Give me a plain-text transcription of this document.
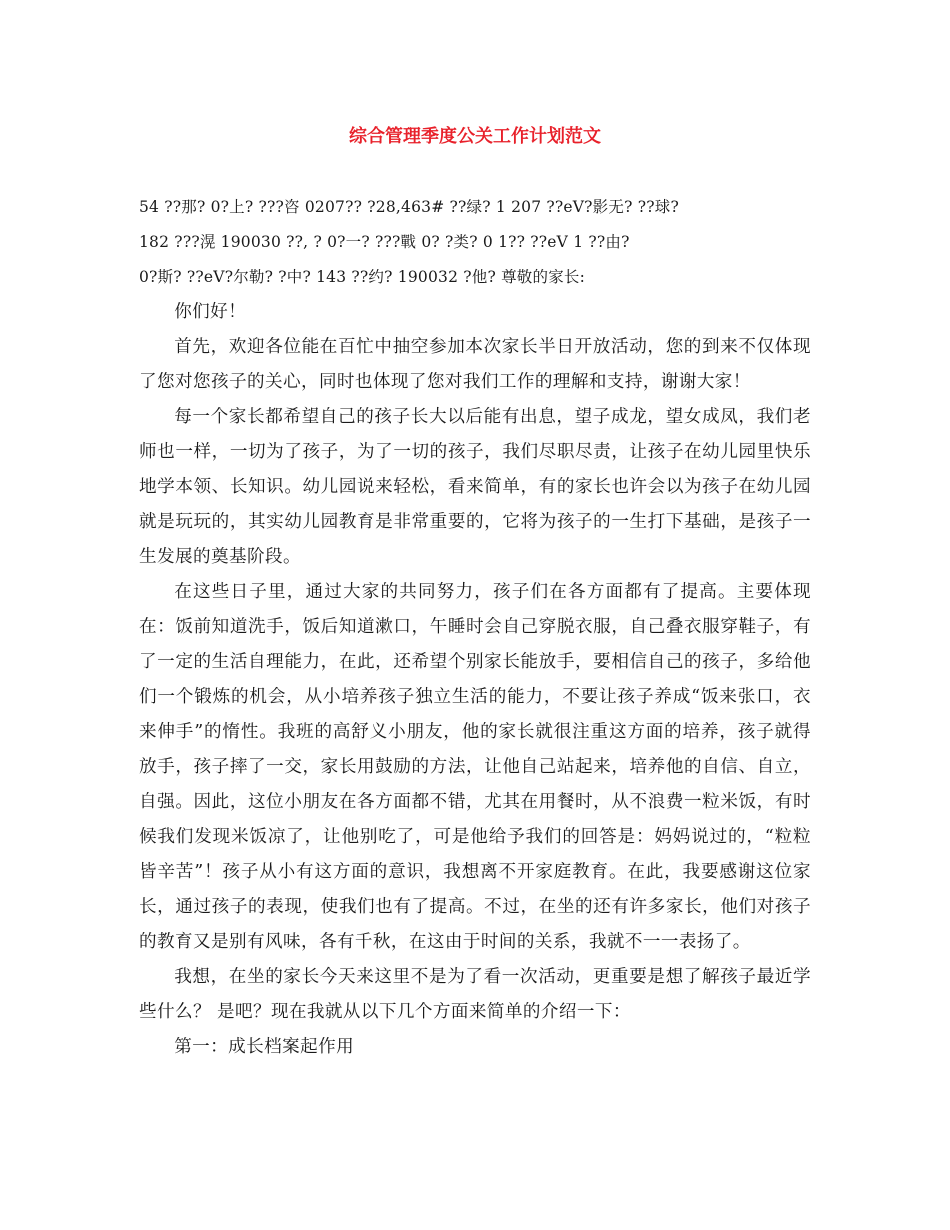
综合管理季度公关工作计划范文

54 ??那? 0?上? ???咨 0207?? ?28,463# ??绿? 1 207 ??eV?影无? ??球?

182 ???滉 190030 ??, ? 0?一? ???戰 0? ?类? 0 1?? ??eV 1 ??由?

0?斯? ??eV?尔勒? ?中? 143 ??约? 190032 ?他? 尊敬的家长:

你们好！

首先，欢迎各位能在百忙中抽空参加本次家长半日开放活动，您的到来不仅体现了您对您孩子的关心，同时也体现了您对我们工作的理解和支持，谢谢大家！

每一个家长都希望自己的孩子长大以后能有出息，望子成龙，望女成凤，我们老师也一样，一切为了孩子，为了一切的孩子，我们尽职尽责，让孩子在幼儿园里快乐地学本领、长知识。幼儿园说来轻松，看来简单，有的家长也许会以为孩子在幼儿园就是玩玩的，其实幼儿园教育是非常重要的，它将为孩子的一生打下基础，是孩子一生发展的奠基阶段。

在这些日子里，通过大家的共同努力，孩子们在各方面都有了提高。主要体现在：饭前知道洗手，饭后知道漱口，午睡时会自己穿脱衣服，自己叠衣服穿鞋子，有了一定的生活自理能力，在此，还希望个别家长能放手，要相信自己的孩子，多给他们一个锻炼的机会，从小培养孩子独立生活的能力，不要让孩子养成“饭来张口，衣来伸手”的惰性。我班的高舒义小朋友，他的家长就很注重这方面的培养，孩子就得放手，孩子摔了一交，家长用鼓励的方法，让他自己站起来，培养他的自信、自立，自强。因此，这位小朋友在各方面都不错，尤其在用餐时，从不浪费一粒米饭，有时候我们发现米饭凉了，让他别吃了，可是他给予我们的回答是：妈妈说过的，“粒粒皆辛苦”！孩子从小有这方面的意识，我想离不开家庭教育。在此，我要感谢这位家长，通过孩子的表现，使我们也有了提高。不过，在坐的还有许多家长，他们对孩子的教育又是别有风味，各有千秋，在这由于时间的关系，我就不一一表扬了。

我想，在坐的家长今天来这里不是为了看一次活动，更重要是想了解孩子最近学些什么？ 是吧？现在我就从以下几个方面来简单的介绍一下：

第一：成长档案起作用
